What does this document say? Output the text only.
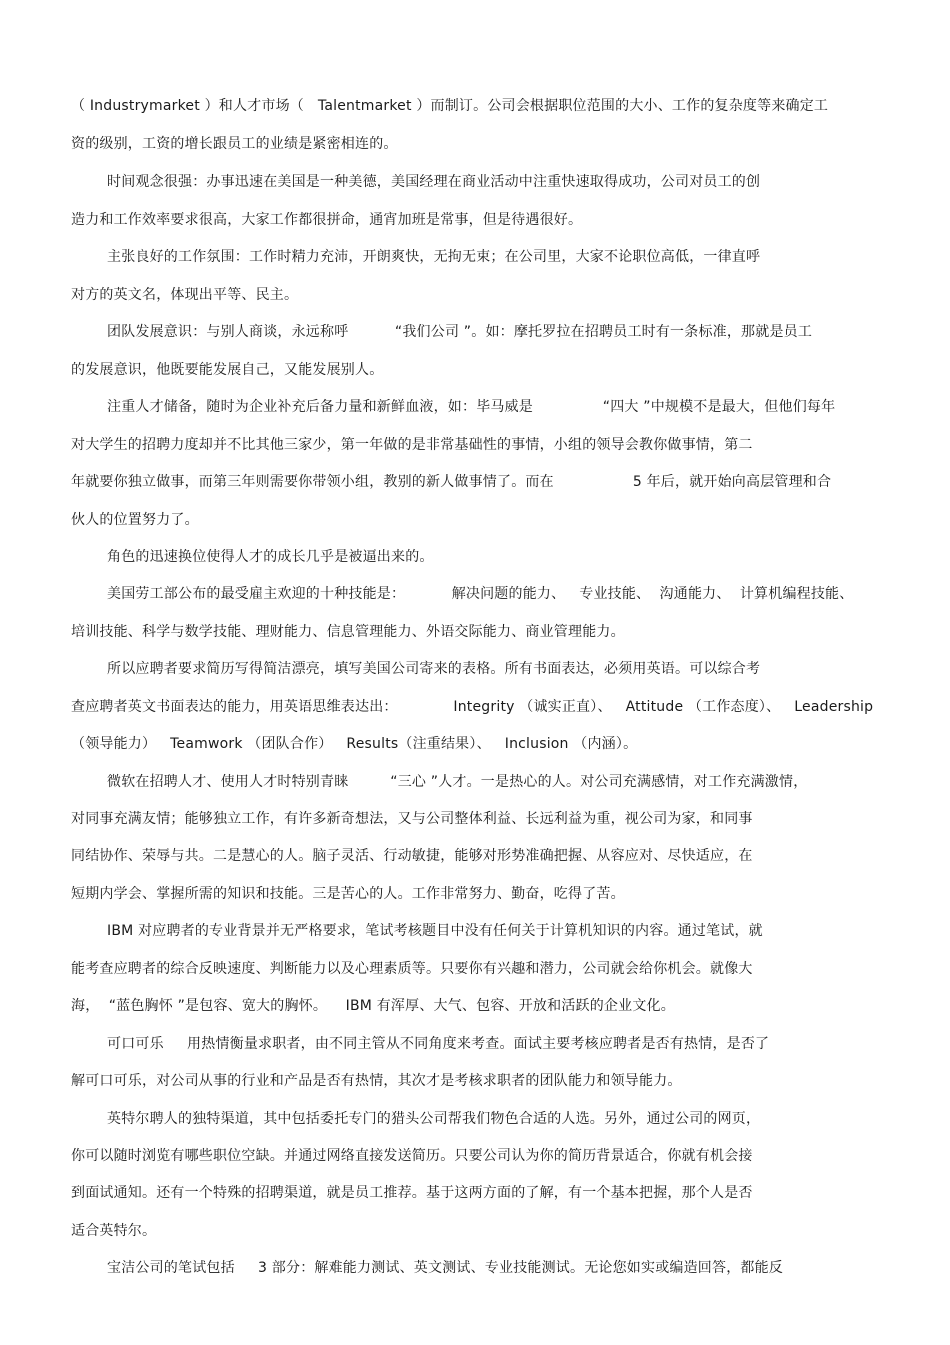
（ Industrymarket ）和人才市场（   Talentmarket ）而制订。公司会根据职位范围的大小、工作的复杂度等来确定工
资的级别，工资的增长跟员工的业绩是紧密相连的。
时间观念很强：办事迅速在美国是一种美德，美国经理在商业活动中注重快速取得成功，公司对员工的创
造力和工作效率要求很高，大家工作都很拼命，通宵加班是常事，但是待遇很好。
主张良好的工作氛围：工作时精力充沛，开朗爽快，无拘无束；在公司里，大家不论职位高低，一律直呼
对方的英文名，体现出平等、民主。
团队发展意识：与别人商谈，永远称呼          “我们公司 ”。如：摩托罗拉在招聘员工时有一条标准，那就是员工
的发展意识，他既要能发展自己，又能发展别人。
注重人才储备，随时为企业补充后备力量和新鲜血液，如：毕马威是               “四大 ”中规模不是最大，但他们每年
对大学生的招聘力度却并不比其他三家少，第一年做的是非常基础性的事情，小组的领导会教你做事情，第二
年就要你独立做事，而第三年则需要你带领小组，教别的新人做事情了。而在                 5 年后，就开始向高层管理和合
伙人的位置努力了。
角色的迅速换位使得人才的成长几乎是被逼出来的。
美国劳工部公布的最受雇主欢迎的十种技能是：          解决问题的能力、   专业技能、  沟通能力、  计算机编程技能、
培训技能、科学与数学技能、理财能力、信息管理能力、外语交际能力、商业管理能力。
所以应聘者要求简历写得简洁漂亮，填写美国公司寄来的表格。所有书面表达，必须用英语。可以综合考
查应聘者英文书面表达的能力，用英语思维表达出：            Integrity （诚实正直）、   Attitude （工作态度）、   Leadership
（领导能力）   Teamwork （团队合作）   Results（注重结果）、   Inclusion （内涵）。
微软在招聘人才、使用人才时特别青睐         “三心 ”人才。一是热心的人。对公司充满感情，对工作充满激情，
对同事充满友情；能够独立工作，有许多新奇想法，又与公司整体利益、长远利益为重，视公司为家，和同事
同结协作、荣辱与共。二是慧心的人。脑子灵活、行动敏捷，能够对形势准确把握、从容应对、尽快适应，在
短期内学会、掌握所需的知识和技能。三是苦心的人。工作非常努力、勤奋，吃得了苦。
IBM 对应聘者的专业背景并无严格要求，笔试考核题目中没有任何关于计算机知识的内容。通过笔试，就
能考查应聘者的综合反映速度、判断能力以及心理素质等。只要你有兴趣和潜力，公司就会给你机会。就像大
海，  “蓝色胸怀 ”是包容、宽大的胸怀。    IBM 有浑厚、大气、包容、开放和活跃的企业文化。
可口可乐     用热情衡量求职者，由不同主管从不同角度来考查。面试主要考核应聘者是否有热情，是否了
解可口可乐，对公司从事的行业和产品是否有热情，其次才是考核求职者的团队能力和领导能力。
英特尔聘人的独特渠道，其中包括委托专门的猎头公司帮我们物色合适的人选。另外，通过公司的网页，
你可以随时浏览有哪些职位空缺。并通过网络直接发送简历。只要公司认为你的简历背景适合，你就有机会接
到面试通知。还有一个特殊的招聘渠道，就是员工推荐。基于这两方面的了解，有一个基本把握，那个人是否
适合英特尔。
宝洁公司的笔试包括     3 部分：解难能力测试、英文测试、专业技能测试。无论您如实或编造回答，都能反
